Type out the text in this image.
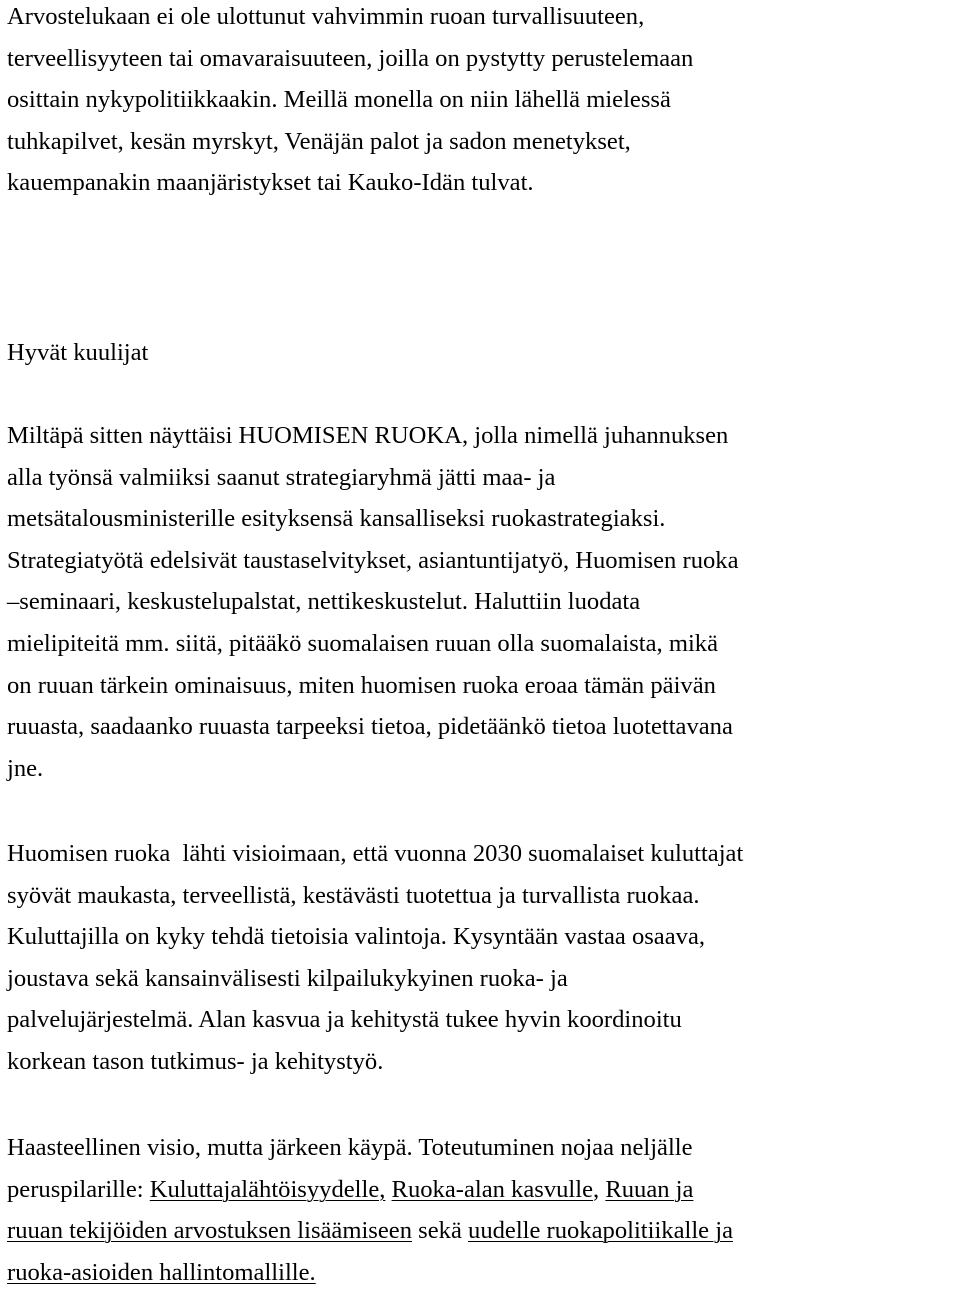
Arvostelukaan ei ole ulottunut vahvimmin ruoan turvallisuuteen,
terveellisyyteen tai omavaraisuuteen, joilla on pystytty perustelemaan
osittain nykypolitiikkaakin. Meillä monella on niin lähellä mielessä
tuhkapilvet, kesän myrskyt, Venäjän palot ja sadon menetykset,
kauempanakin maanjäristykset tai Kauko-Idän tulvat.

Hyvät kuulijat

Miltäpä sitten näyttäisi HUOMISEN RUOKA, jolla nimellä juhannuksen
alla työnsä valmiiksi saanut strategiaryhmä jätti maa- ja
metsätalousministerille esityksensä kansalliseksi ruokastrategiaksi.
Strategiatyötä edelsivät taustaselvitykset, asiantuntijatyö, Huomisen ruoka
–seminaari, keskustelupalstat, nettikeskustelut. Haluttiin luodata
mielipiteitä mm. siitä, pitääkö suomalaisen ruuan olla suomalaista, mikä
on ruuan tärkein ominaisuus, miten huomisen ruoka eroaa tämän päivän
ruuasta, saadaanko ruuasta tarpeeksi tietoa, pidetäänkö tietoa luotettavana
jne.

Huomisen ruoka  lähti visioimaan, että vuonna 2030 suomalaiset kuluttajat
syövät maukasta, terveellistä, kestävästi tuotettua ja turvallista ruokaa.
Kuluttajilla on kyky tehdä tietoisia valintoja. Kysyntään vastaa osaava,
joustava sekä kansainvälisesti kilpailukykyinen ruoka- ja
palvelujärjestelmä. Alan kasvua ja kehitystä tukee hyvin koordinoitu
korkean tason tutkimus- ja kehitystyö.

Haasteellinen visio, mutta järkeen käypä. Toteutuminen nojaa neljälle
peruspilarille: Kuluttajalähtöisyydelle, Ruoka-alan kasvulle, Ruuan ja
ruuan tekijöiden arvostuksen lisäämiseen sekä uudelle ruokapolitiikalle ja
ruoka-asioiden hallintomallille.
